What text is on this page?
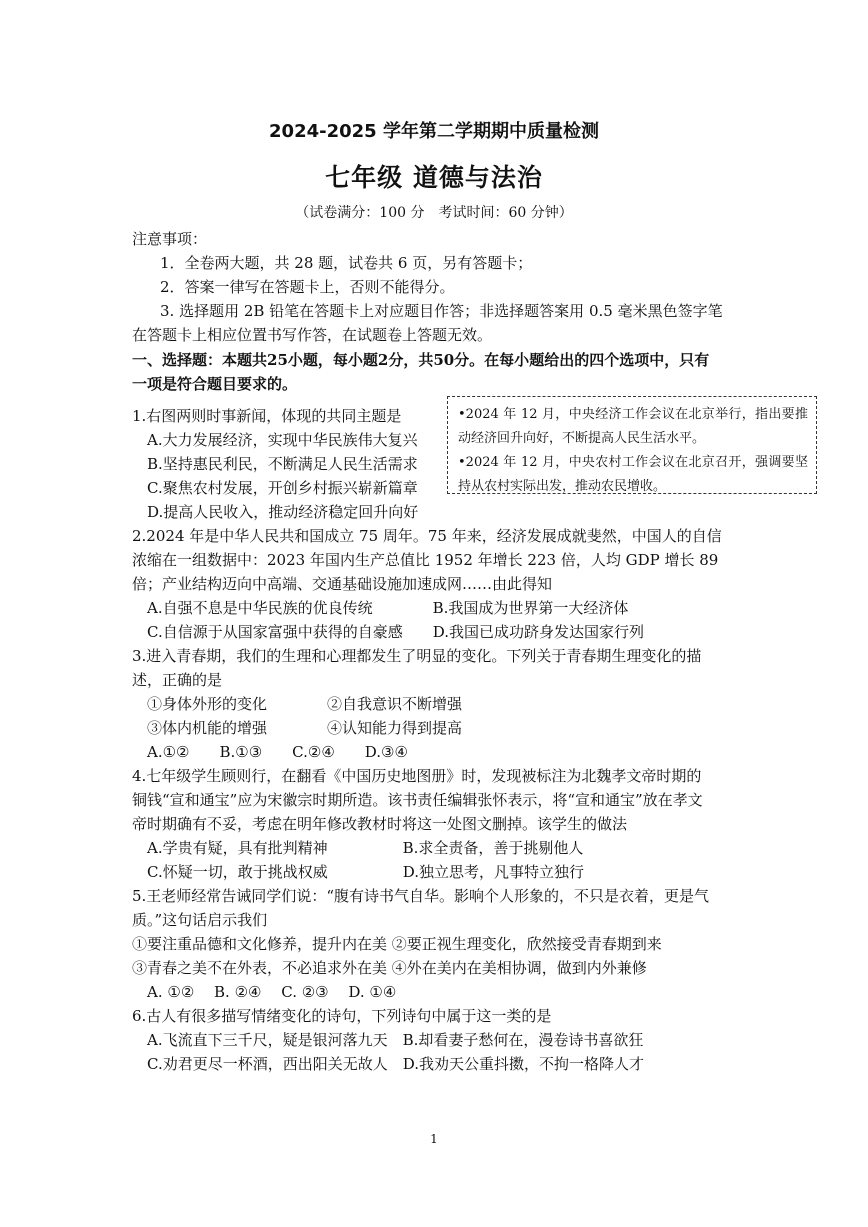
2024-2025 学年第二学期期中质量检测
七年级 道德与法治
（试卷满分：100 分　考试时间：60 分钟）
注意事项：
1．全卷两大题，共 28 题，试卷共 6 页，另有答题卡；
2．答案一律写在答题卡上，否则不能得分。
3. 选择题用 2B 铅笔在答题卡上对应题目作答；非选择题答案用 0.5 毫米黑色签字笔
在答题卡上相应位置书写作答，在试题卷上答题无效。
一、选择题：本题共25小题，每小题2分，共50分。在每小题给出的四个选项中，只有
一项是符合题目要求的。
1.右图两则时事新闻，体现的共同主题是
A.大力发展经济，实现中华民族伟大复兴
B.坚持惠民利民，不断满足人民生活需求
C.聚焦农村发展，开创乡村振兴崭新篇章
D.提高人民收入，推动经济稳定回升向好
•2024 年 12 月，中央经济工作会议在北京举行，指出要推动经济回升向好，不断提高人民生活水平。
•2024 年 12 月，中央农村工作会议在北京召开，强调要坚持从农村实际出发，推动农民增收。
2.2024 年是中华人民共和国成立 75 周年。75 年来，经济发展成就斐然，中国人的自信
浓缩在一组数据中：2023 年国内生产总值比 1952 年增长 223 倍，人均 GDP 增长 89
倍；产业结构迈向中高端、交通基础设施加速成网……由此得知
A.自强不息是中华民族的优良传统　　　　B.我国成为世界第一大经济体
C.自信源于从国家富强中获得的自豪感　　D.我国已成功跻身发达国家行列
3.进入青春期，我们的生理和心理都发生了明显的变化。下列关于青春期生理变化的描
述，正确的是
①身体外形的变化　　　　②自我意识不断增强
③体内机能的增强　　　　④认知能力得到提高
A.①②　　B.①③　　C.②④　　D.③④
4.七年级学生顾则行，在翻看《中国历史地图册》时，发现被标注为北魏孝文帝时期的
铜钱“宣和通宝”应为宋徽宗时期所造。该书责任编辑张怀表示，将“宣和通宝”放在孝文
帝时期确有不妥，考虑在明年修改教材时将这一处图文删掉。该学生的做法
A.学贵有疑，具有批判精神　　　　　B.求全责备，善于挑剔他人
C.怀疑一切，敢于挑战权威　　　　　D.独立思考，凡事特立独行
5.王老师经常告诫同学们说：“腹有诗书气自华。影响个人形象的，不只是衣着，更是气
质。”这句话启示我们
①要注重品德和文化修养，提升内在美 ②要正视生理变化，欣然接受青春期到来
③青春之美不在外表，不必追求外在美 ④外在美内在美相协调，做到内外兼修
A. ①②　 B. ②④　 C. ②③　 D. ①④
6.古人有很多描写情绪变化的诗句，下列诗句中属于这一类的是
A.飞流直下三千尺，疑是银河落九天　B.却看妻子愁何在，漫卷诗书喜欲狂
C.劝君更尽一杯酒，西出阳关无故人　D.我劝天公重抖擞，不拘一格降人才
1
